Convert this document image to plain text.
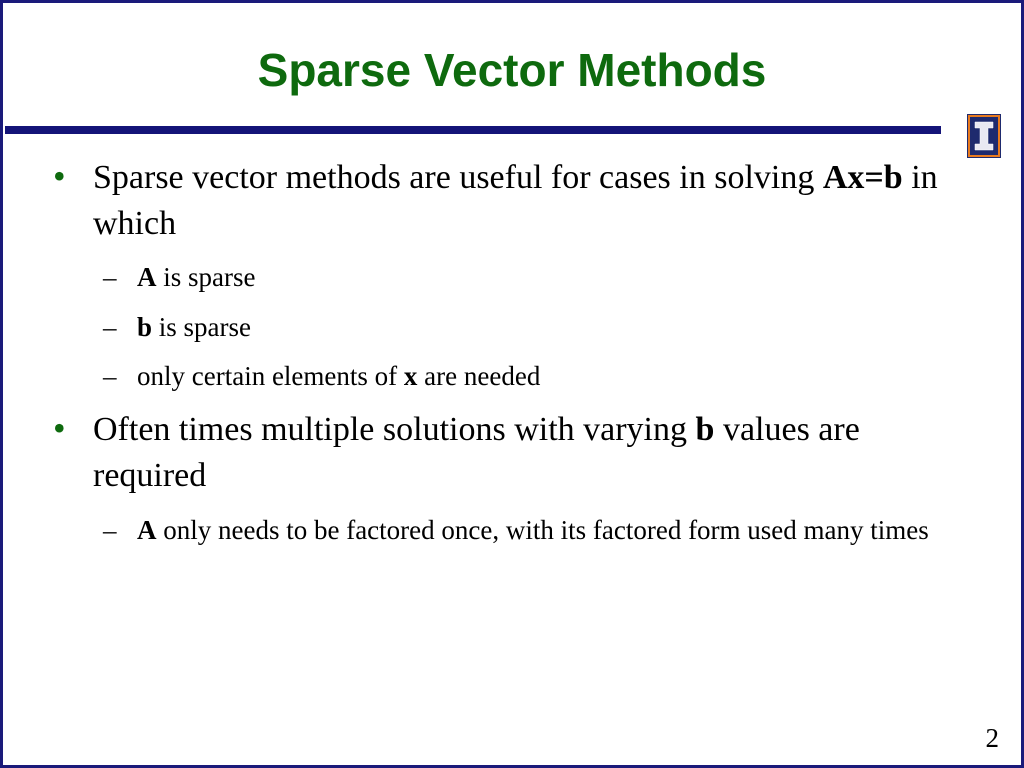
Sparse Vector Methods
• Sparse vector methods are useful for cases in solving Ax=b in which
– A is sparse
– b is sparse
– only certain elements of x are needed
• Often times multiple solutions with varying b values are required
– A only needs to be factored once, with its factored form used many times
2
